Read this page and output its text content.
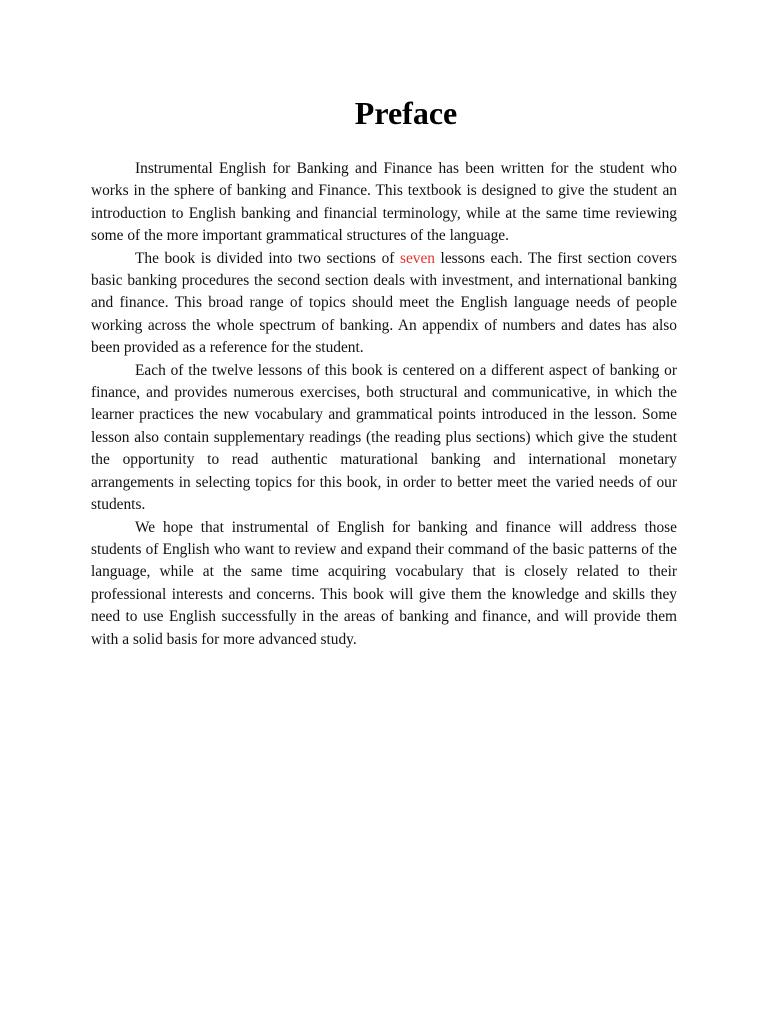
Preface

Instrumental English for Banking and Finance has been written for the student who works in the sphere of banking and Finance. This textbook is designed to give the student an introduction to English banking and financial terminology, while at the same time reviewing some of the more important grammatical structures of the language.

The book is divided into two sections of seven lessons each. The first section covers basic banking procedures the second section deals with investment, and international banking and finance. This broad range of topics should meet the English language needs of people working across the whole spectrum of banking. An appendix of numbers and dates has also been provided as a reference for the student.

Each of the twelve lessons of this book is centered on a different aspect of banking or finance, and provides numerous exercises, both structural and communicative, in which the learner practices the new vocabulary and grammatical points introduced in the lesson. Some lesson also contain supplementary readings (the reading plus sections) which give the student the opportunity to read authentic maturational banking and international monetary arrangements in selecting topics for this book, in order to better meet the varied needs of our students.

We hope that instrumental of English for banking and finance will address those students of English who want to review and expand their command of the basic patterns of the language, while at the same time acquiring vocabulary that is closely related to their professional interests and concerns. This book will give them the knowledge and skills they need to use English successfully in the areas of banking and finance, and will provide them with a solid basis for more advanced study.
